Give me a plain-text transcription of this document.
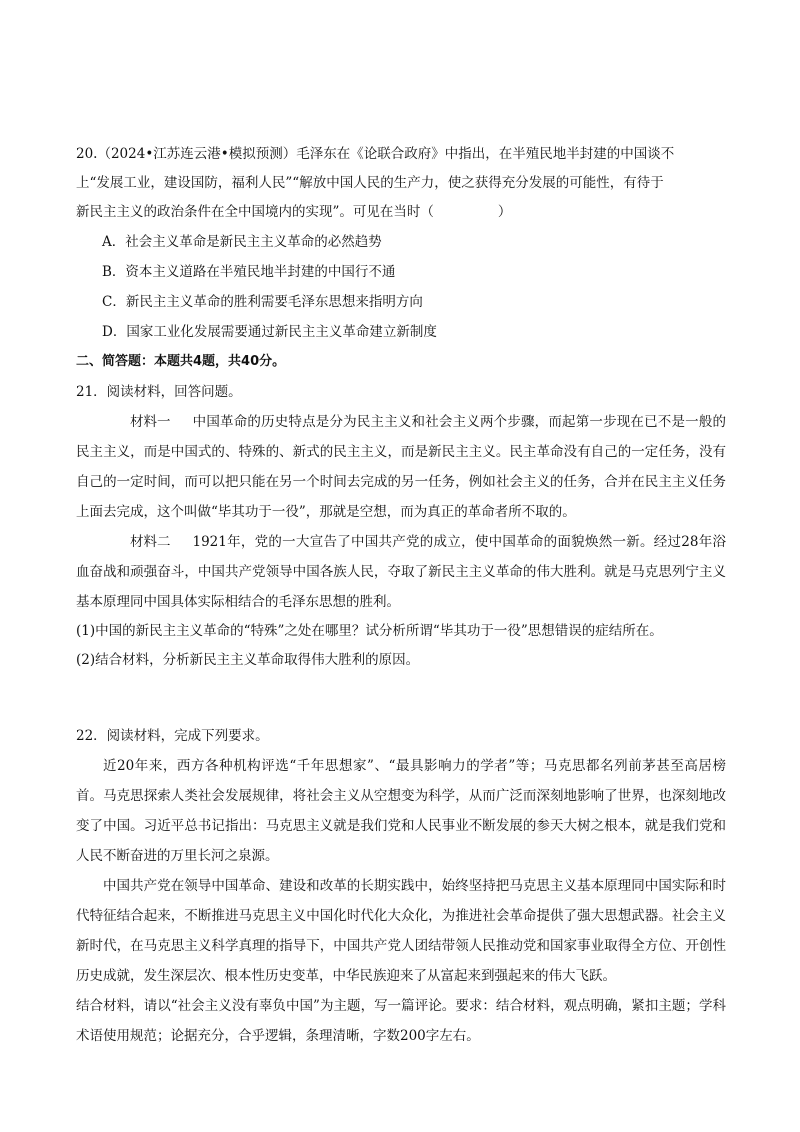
20.（2024•江苏连云港•模拟预测）毛泽东在《论联合政府》中指出，在半殖民地半封建的中国谈不
上“发展工业，建设国防，福利人民”“解放中国人民的生产力，使之获得充分发展的可能性，有待于
新民主主义的政治条件在全中国境内的实现”。可见在当时（	）
A．社会主义革命是新民主主义革命的必然趋势
B．资本主义道路在半殖民地半封建的中国行不通
C．新民主主义革命的胜利需要毛泽东思想来指明方向
D．国家工业化发展需要通过新民主主义革命建立新制度
二、简答题：本题共4题，共40分。
21．阅读材料，回答问题。

材料一 中国革命的历史特点是分为民主主义和社会主义两个步骤，而起第一步现在已不是一般的民主主义，而是中国式的、特殊的、新式的民主主义，而是新民主主义。民主革命没有自己的一定任务，没有自己的一定时间，而可以把只能在另一个时间去完成的另一任务，例如社会主义的任务，合并在民主主义任务上面去完成，这个叫做“毕其功于一役”，那就是空想，而为真正的革命者所不取的。

材料二 1921年，党的一大宣告了中国共产党的成立，使中国革命的面貌焕然一新。经过28年浴血奋战和顽强奋斗，中国共产党领导中国各族人民，夺取了新民主主义革命的伟大胜利。就是马克思列宁主义基本原理同中国具体实际相结合的毛泽东思想的胜利。

(1)中国的新民主主义革命的“特殊”之处在哪里？试分析所谓“毕其功于一役”思想错误的症结所在。
(2)结合材料，分析新民主主义革命取得伟大胜利的原因。
22．阅读材料，完成下列要求。

近20年来，西方各种机构评选“千年思想家”、“最具影响力的学者”等；马克思都名列前茅甚至高居榜首。马克思探索人类社会发展规律，将社会主义从空想变为科学，从而广泛而深刻地影响了世界，也深刻地改变了中国。习近平总书记指出：马克思主义就是我们党和人民事业不断发展的参天大树之根本，就是我们党和人民不断奋进的万里长河之泉源。

中国共产党在领导中国革命、建设和改革的长期实践中，始终坚持把马克思主义基本原理同中国实际和时代特征结合起来，不断推进马克思主义中国化时代化大众化，为推进社会革命提供了强大思想武器。社会主义新时代，在马克思主义科学真理的指导下，中国共产党人团结带领人民推动党和国家事业取得全方位、开创性历史成就，发生深层次、根本性历史变革，中华民族迎来了从富起来到强起来的伟大飞跃。

结合材料，请以“社会主义没有辜负中国”为主题，写一篇评论。要求：结合材料，观点明确，紧扣主题；学科术语使用规范；论据充分，合乎逻辑，条理清晰，字数200字左右。
